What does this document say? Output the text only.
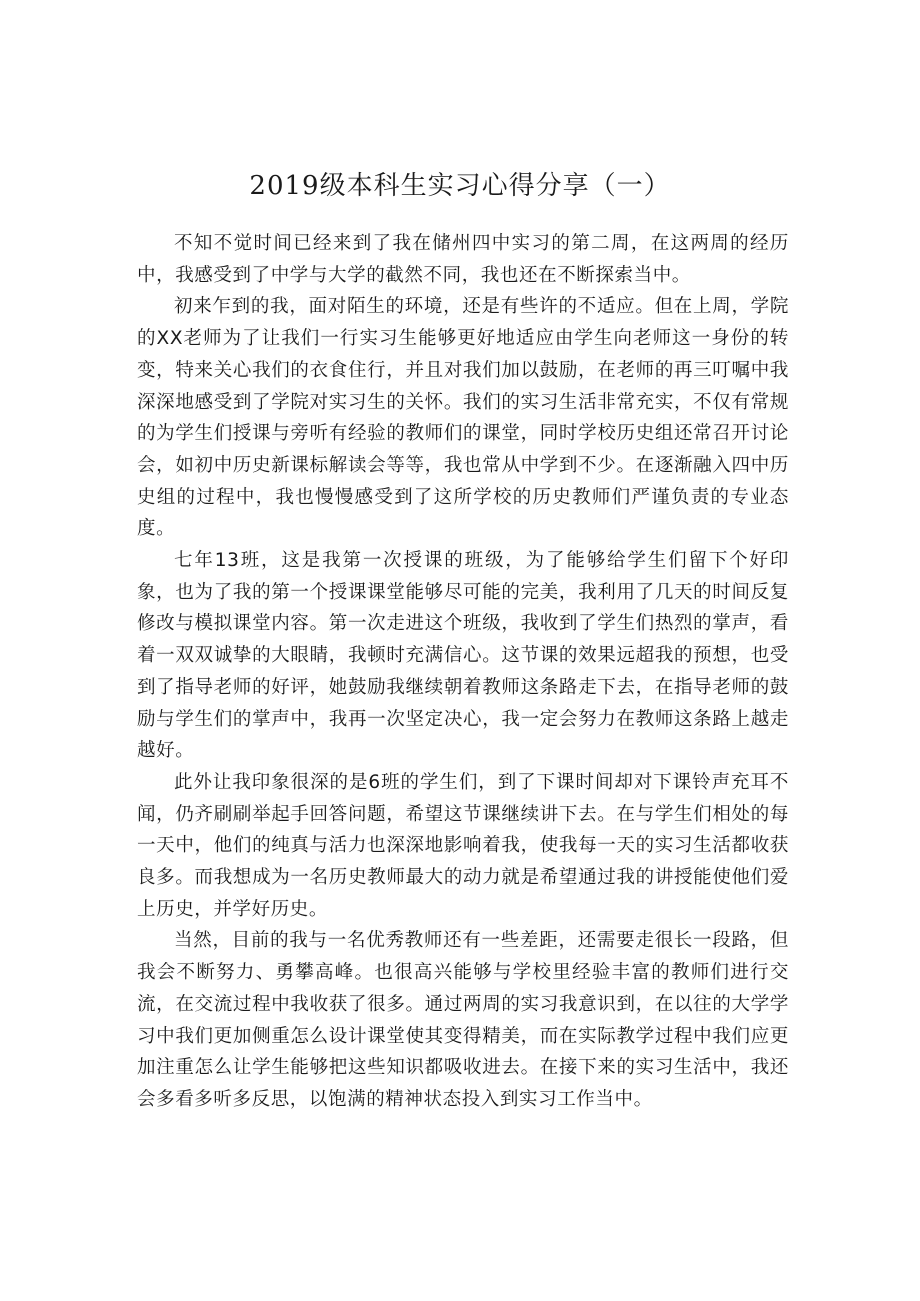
2019级本科生实习心得分享（一）

不知不觉时间已经来到了我在储州四中实习的第二周，在这两周的经历中，我感受到了中学与大学的截然不同，我也还在不断探索当中。

初来乍到的我，面对陌生的环境，还是有些许的不适应。但在上周，学院的XX老师为了让我们一行实习生能够更好地适应由学生向老师这一身份的转变，特来关心我们的衣食住行，并且对我们加以鼓励，在老师的再三叮嘱中我深深地感受到了学院对实习生的关怀。我们的实习生活非常充实，不仅有常规的为学生们授课与旁听有经验的教师们的课堂，同时学校历史组还常召开讨论会，如初中历史新课标解读会等等，我也常从中学到不少。在逐渐融入四中历史组的过程中，我也慢慢感受到了这所学校的历史教师们严谨负责的专业态度。

七年13班，这是我第一次授课的班级，为了能够给学生们留下个好印象，也为了我的第一个授课课堂能够尽可能的完美，我利用了几天的时间反复修改与模拟课堂内容。第一次走进这个班级，我收到了学生们热烈的掌声，看着一双双诚挚的大眼睛，我顿时充满信心。这节课的效果远超我的预想，也受到了指导老师的好评，她鼓励我继续朝着教师这条路走下去，在指导老师的鼓励与学生们的掌声中，我再一次坚定决心，我一定会努力在教师这条路上越走越好。

此外让我印象很深的是6班的学生们，到了下课时间却对下课铃声充耳不闻，仍齐刷刷举起手回答问题，希望这节课继续讲下去。在与学生们相处的每一天中，他们的纯真与活力也深深地影响着我，使我每一天的实习生活都收获良多。而我想成为一名历史教师最大的动力就是希望通过我的讲授能使他们爱上历史，并学好历史。

当然，目前的我与一名优秀教师还有一些差距，还需要走很长一段路，但我会不断努力、勇攀高峰。也很高兴能够与学校里经验丰富的教师们进行交流，在交流过程中我收获了很多。通过两周的实习我意识到，在以往的大学学习中我们更加侧重怎么设计课堂使其变得精美，而在实际教学过程中我们应更加注重怎么让学生能够把这些知识都吸收进去。在接下来的实习生活中，我还会多看多听多反思，以饱满的精神状态投入到实习工作当中。
